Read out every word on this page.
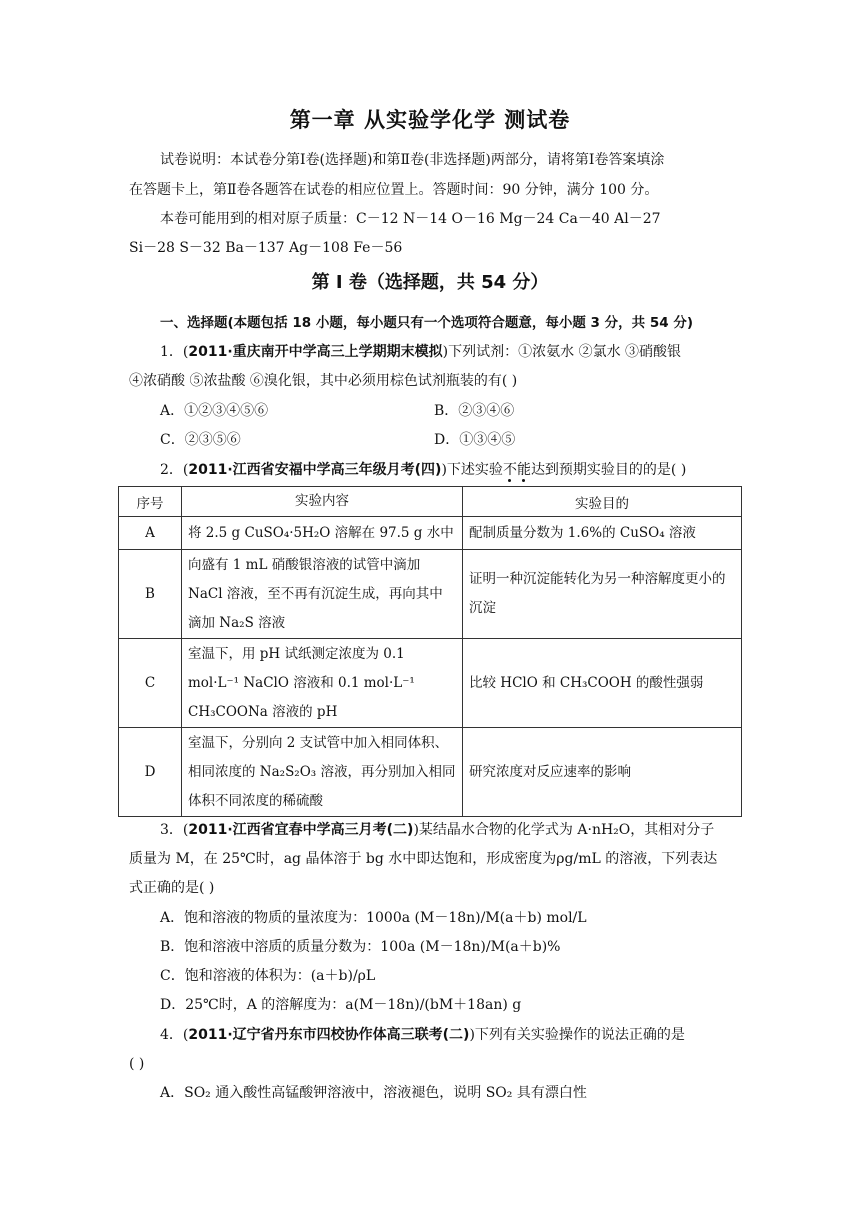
第一章 从实验学化学 测试卷
试卷说明：本试卷分第Ⅰ卷(选择题)和第Ⅱ卷(非选择题)两部分，请将第Ⅰ卷答案填涂
在答题卡上，第Ⅱ卷各题答在试卷的相应位置上。答题时间：90 分钟，满分 100 分。
本卷可能用到的相对原子质量：C－12 N－14 O－16 Mg－24 Ca－40 Al－27
Si－28 S－32 Ba－137 Ag－108 Fe－56
第 I 卷（选择题，共 54 分）
一、选择题(本题包括 18 小题，每小题只有一个选项符合题意，每小题 3 分，共 54 分)
1．(2011·重庆南开中学高三上学期期末模拟)下列试剂：①浓氨水 ②氯水 ③硝酸银
④浓硝酸 ⑤浓盐酸 ⑥溴化银，其中必须用棕色试剂瓶装的有( )
A．①②③④⑤⑥	B．②③④⑥
C．②③⑤⑥	D．①③④⑤
2．(2011·江西省安福中学高三年级月考(四))下述实验不能达到预期实验目的的是( )
序号	实验内容	实验目的
A	将 2.5 g CuSO₄·5H₂O 溶解在 97.5 g 水中	配制质量分数为 1.6%的 CuSO₄ 溶液
B	向盛有 1 mL 硝酸银溶液的试管中滴加 NaCl 溶液，至不再有沉淀生成，再向其中滴加 Na₂S 溶液	证明一种沉淀能转化为另一种溶解度更小的沉淀
C	室温下，用 pH 试纸测定浓度为 0.1 mol·L⁻¹ NaClO 溶液和 0.1 mol·L⁻¹ CH₃COONa 溶液的 pH	比较 HClO 和 CH₃COOH 的酸性强弱
D	室温下，分别向 2 支试管中加入相同体积、相同浓度的 Na₂S₂O₃ 溶液，再分别加入相同体积不同浓度的稀硫酸	研究浓度对反应速率的影响
3．(2011·江西省宜春中学高三月考(二))某结晶水合物的化学式为 A·nH₂O，其相对分子
质量为 M，在 25℃时，ag 晶体溶于 bg 水中即达饱和，形成密度为ρg/mL 的溶液，下列表达
式正确的是( )
A．饱和溶液的物质的量浓度为：1000a (M－18n)/M(a＋b) mol/L
B．饱和溶液中溶质的质量分数为：100a (M－18n)/M(a＋b)%
C．饱和溶液的体积为：(a＋b)/ρL
D．25℃时，A 的溶解度为：a(M－18n)/(bM＋18an) g
4．(2011·辽宁省丹东市四校协作体高三联考(二))下列有关实验操作的说法正确的是
( )
A．SO₂ 通入酸性高锰酸钾溶液中，溶液褪色，说明 SO₂ 具有漂白性
